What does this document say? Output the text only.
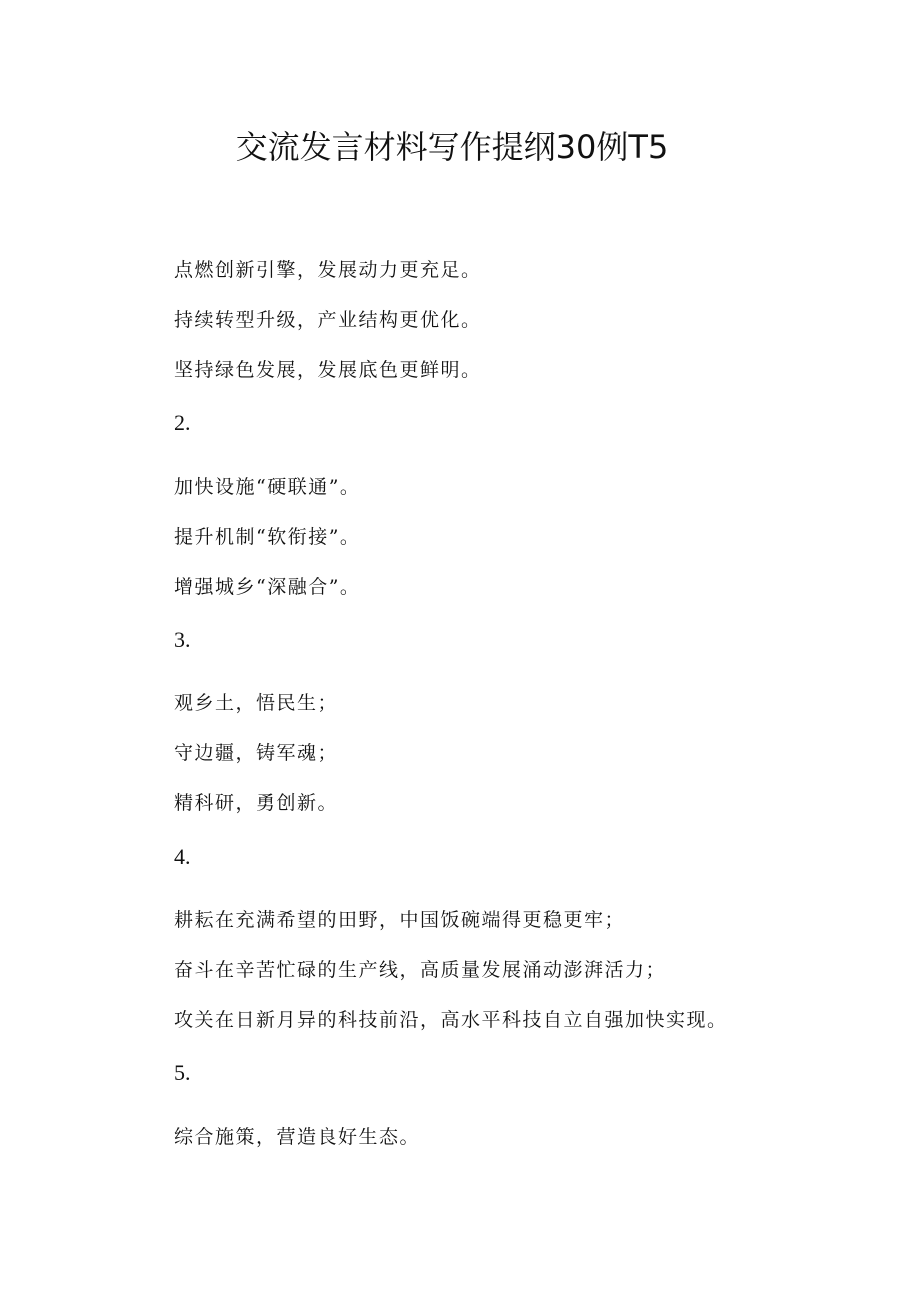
交流发言材料写作提纲30例T5
点燃创新引擎，发展动力更充足。
持续转型升级，产业结构更优化。
坚持绿色发展，发展底色更鲜明。
2.
加快设施“硬联通”。
提升机制“软衔接”。
增强城乡“深融合”。
3.
观乡土，悟民生；
守边疆，铸军魂；
精科研，勇创新。
4.
耕耘在充满希望的田野，中国饭碗端得更稳更牢；
奋斗在辛苦忙碌的生产线，高质量发展涌动澎湃活力；
攻关在日新月异的科技前沿，高水平科技自立自强加快实现。
5.
综合施策，营造良好生态。
